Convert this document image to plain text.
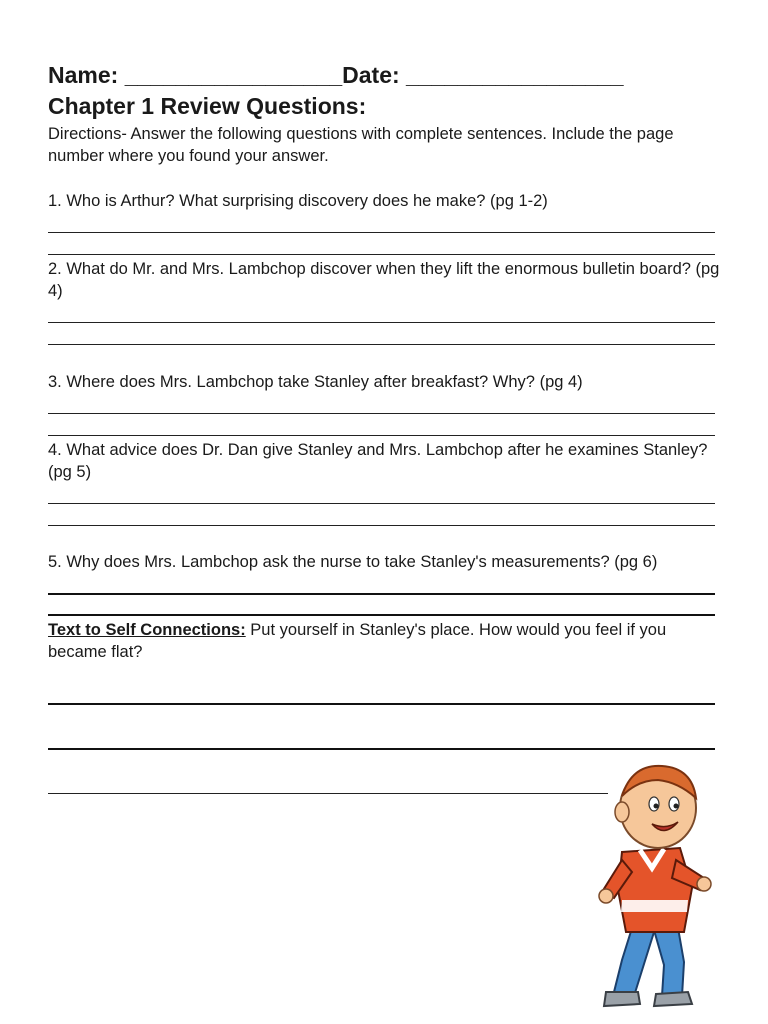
Name: _________________Date: _________________
Chapter 1 Review Questions:
Directions- Answer the following questions with complete sentences. Include the page number where you found your answer.
1. Who is Arthur? What surprising discovery does he make? (pg 1-2)
2. What do Mr. and Mrs. Lambchop discover when they lift the enormous bulletin board? (pg 4)
3. Where does Mrs. Lambchop take Stanley after breakfast? Why? (pg 4)
4. What advice does Dr. Dan give Stanley and Mrs. Lambchop after he examines Stanley? (pg 5)
5. Why does Mrs. Lambchop ask the nurse to take Stanley's measurements? (pg 6)
Text to Self Connections: Put yourself in Stanley's place. How would you feel if you became flat?
